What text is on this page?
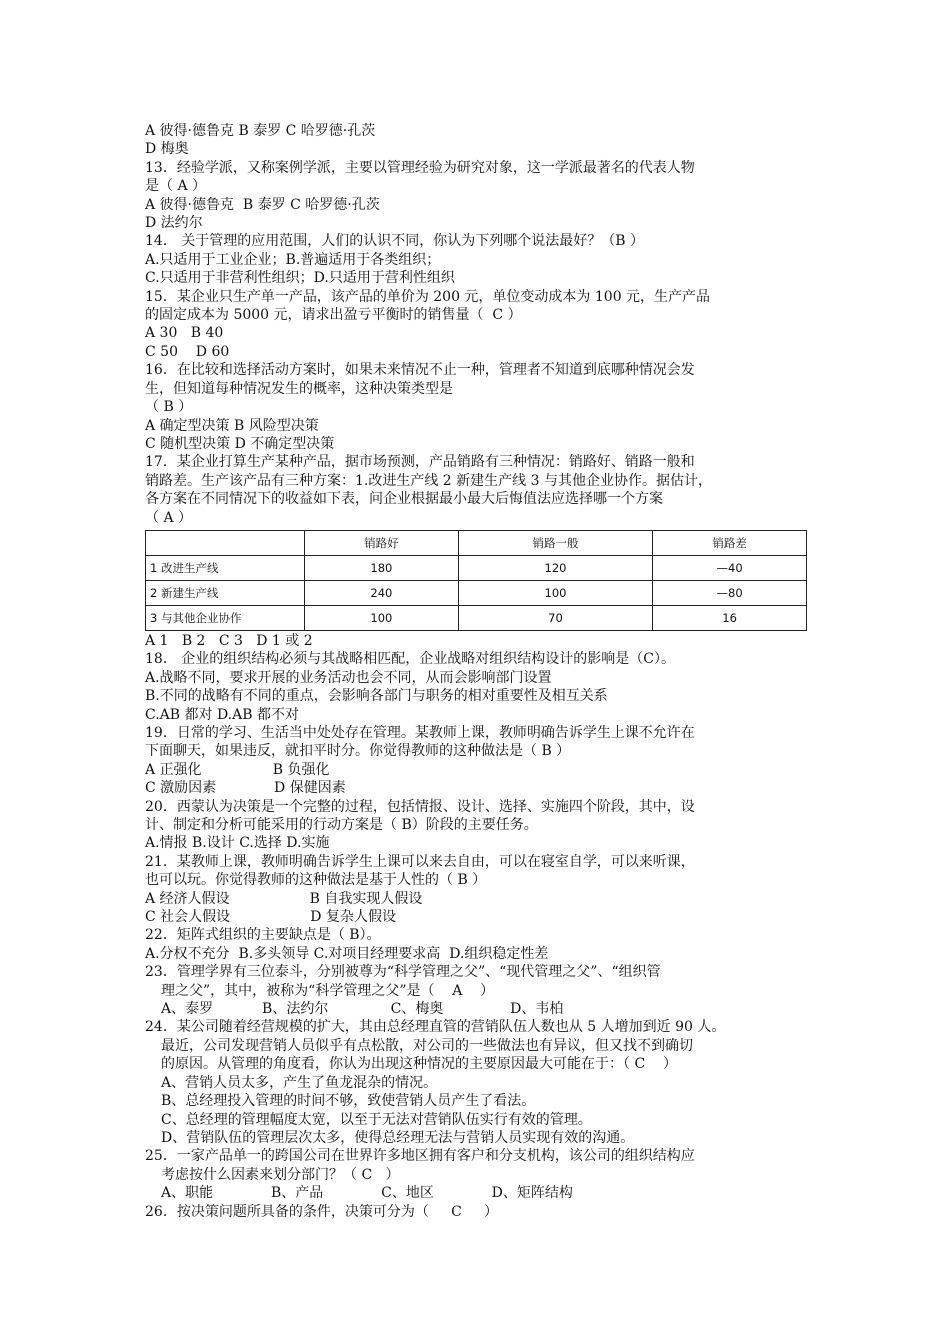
A 彼得·德鲁克 B 泰罗 C 哈罗德·孔茨
D 梅奥
13．经验学派，又称案例学派，主要以管理经验为研究对象，这一学派最著名的代表人物
是（ A ）
A 彼得·德鲁克  B 泰罗 C 哈罗德·孔茨
D 法约尔
14． 关于管理的应用范围，人们的认识不同，你认为下列哪个说法最好？（B ）
A.只适用于工业企业；B.普遍适用于各类组织；
C.只适用于非营利性组织；D.只适用于营利性组织
15．某企业只生产单一产品，该产品的单价为 200 元，单位变动成本为 100 元，生产产品
的固定成本为 5000 元，请求出盈亏平衡时的销售量（  C ）
A 30   B 40
C 50    D 60
16．在比较和选择活动方案时，如果未来情况不止一种，管理者不知道到底哪种情况会发
生，但知道每种情况发生的概率，这种决策类型是
（ B ）
A 确定型决策 B 风险型决策
C 随机型决策 D 不确定型决策
17．某企业打算生产某种产品，据市场预测，产品销路有三种情况：销路好、销路一般和
销路差。生产该产品有三种方案：1.改进生产线 2 新建生产线 3 与其他企业协作。据估计，
各方案在不同情况下的收益如下表，问企业根据最小最大后悔值法应选择哪一个方案
（ A ）
	销路好	销路一般	销路差
1 改进生产线	180	120	—40
2 新建生产线	240	100	—80
3 与其他企业协作	100	70	16
A 1   B 2   C 3   D 1 或 2
18． 企业的组织结构必须与其战略相匹配，企业战略对组织结构设计的影响是（C）。
A.战略不同，要求开展的业务活动也会不同，从而会影响部门设置
B.不同的战略有不同的重点，会影响各部门与职务的相对重要性及相互关系
C.AB 都对 D.AB 都不对
19．日常的学习、生活当中处处存在管理。某教师上课，教师明确告诉学生上课不允许在
下面聊天，如果违反，就扣平时分。你觉得教师的这种做法是（ B ）
A 正强化                B 负强化
C 激励因素             D 保健因素
20．西蒙认为决策是一个完整的过程，包括情报、设计、选择、实施四个阶段，其中，设
计、制定和分析可能采用的行动方案是（ B）阶段的主要任务。
A.情报 B.设计 C.选择 D.实施
21．某教师上课，教师明确告诉学生上课可以来去自由，可以在寝室自学，可以来听课，
也可以玩。你觉得教师的这种做法是基于人性的（ B ）
A 经济人假设                  B 自我实现人假设
C 社会人假设                  D 复杂人假设
22．矩阵式组织的主要缺点是（ B）。
A.分权不充分  B.多头领导 C.对项目经理要求高  D.组织稳定性差
23．管理学界有三位泰斗，分别被尊为“科学管理之父”、“现代管理之父”、“组织管
理之父”，其中，被称为“科学管理之父”是（    A    ）
A、泰罗           B、法约尔              C、梅奥               D、韦柏
24．某公司随着经营规模的扩大，其由总经理直管的营销队伍人数也从 5 人增加到近 90 人。
最近，公司发现营销人员似乎有点松散，对公司的一些做法也有异议，但又找不到确切
的原因。从管理的角度看，你认为出现这种情况的主要原因最大可能在于：（ C    ）
A、营销人员太多，产生了鱼龙混杂的情况。
B、总经理投入管理的时间不够，致使营销人员产生了看法。
C、总经理的管理幅度太宽，以至于无法对营销队伍实行有效的管理。
D、营销队伍的管理层次太多，使得总经理无法与营销人员实现有效的沟通。
25．一家产品单一的跨国公司在世界许多地区拥有客户和分支机构，该公司的组织结构应
考虑按什么因素来划分部门？（ C   ）
A、职能             B、产品             C、地区             D、矩阵结构
26．按决策问题所具备的条件，决策可分为（     C     ）
